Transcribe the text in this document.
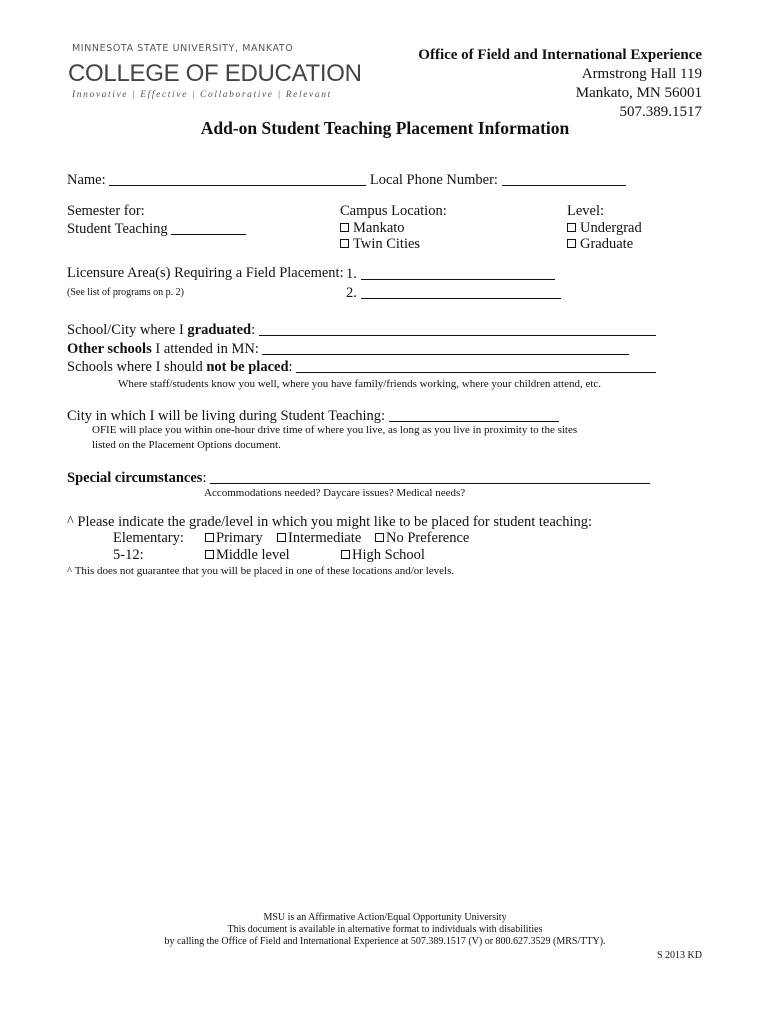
MINNESOTA STATE UNIVERSITY, MANKATO
COLLEGE OF EDUCATION
Innovative | Effective | Collaborative | Relevant
Office of Field and International Experience
Armstrong Hall 119
Mankato, MN 56001
507.389.1517
Add-on Student Teaching Placement Information
Name:	Local Phone Number:
Semester for:
Student Teaching
Campus Location:
Mankato
Twin Cities
Level:
Undergrad
Graduate
Licensure Area(s) Requiring a Field Placement:
(See list of programs on p. 2)
1.
2.
School/City where I graduated:
Other schools I attended in MN:
Schools where I should not be placed:
Where staff/students know you well, where you have family/friends working, where your children attend, etc.
City in which I will be living during Student Teaching:
OFIE will place you within one-hour drive time of where you live, as long as you live in proximity to the sites
listed on the Placement Options document.
Special circumstances:
Accommodations needed? Daycare issues? Medical needs?
^ Please indicate the grade/level in which you might like to be placed for student teaching:
Elementary:	Primary	Intermediate	No Preference
5-12:	Middle level	High School
^ This does not guarantee that you will be placed in one of these locations and/or levels.
MSU is an Affirmative Action/Equal Opportunity University
This document is available in alternative format to individuals with disabilities
by calling the Office of Field and International Experience at 507.389.1517 (V) or 800.627.3529 (MRS/TTY).
S 2013 KD
